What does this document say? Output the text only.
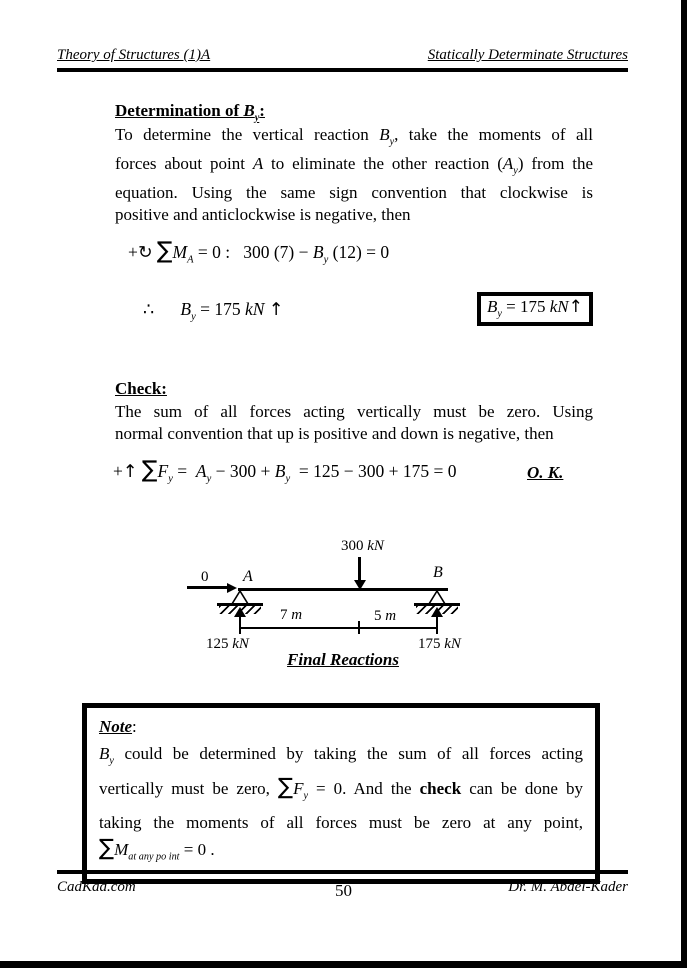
Theory of Structures (1)A	Statically Determinate Structures
Determination of $B_y$:
To determine the vertical reaction $B_y$, take the moments of all
forces about point A to eliminate the other reaction $(A_y)$ from the
equation. Using the same sign convention that clockwise is
positive and anticlockwise is negative, then
+↻ $\sum M_A = 0$ :   300 $(7) - B_y$ (12) = 0
∴ $B_y = 175$ kN ↑	$B_y = 175$ kN↑
Check:
The sum of all forces acting vertically must be zero. Using
normal convention that up is positive and down is negative, then
+↑ $\sum F_y = A_y - 300 + B_y = 125 - 300 + 175 = 0$	O. K.
300 kN
0 A	B
125 kN	175 kN
7 m	5 m
Final Reactions
Note:
$B_y$ could be determined by taking the sum of all forces acting
vertically must be zero, $\sum F_y = 0$. And the check can be done by
taking the moments of all forces must be zero at any point,
$\sum M_{at any po int} = 0$ .
CadKad.com	50	Dr. M. Abdel-Kader
